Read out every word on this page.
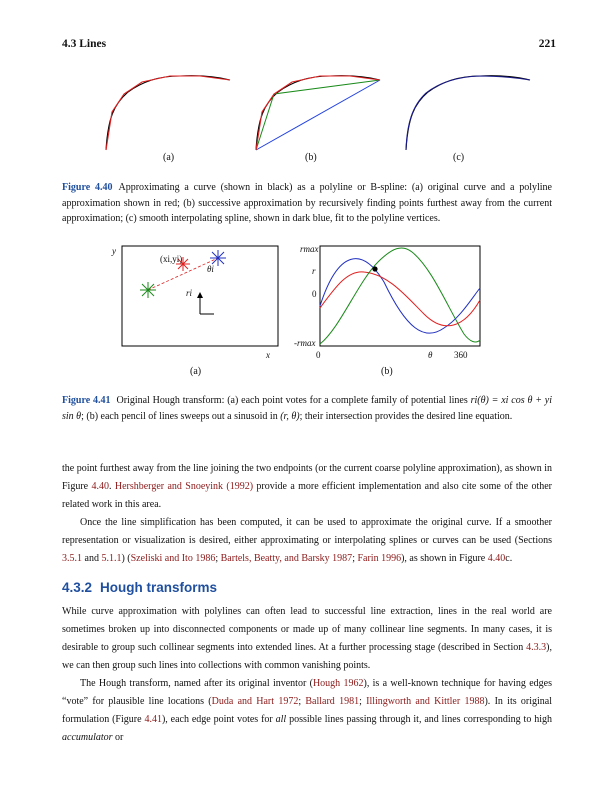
4.3 Lines	221
(a)	(b)	(c)
Figure 4.40 Approximating a curve (shown in black) as a polyline or B-spline: (a) original curve and a polyline approximation shown in red; (b) successive approximation by recursively finding points furthest away from the current approximation; (c) smooth interpolating spline, shown in dark blue, fit to the polyline vertices.
y
x
(xi,yi)
θi
ri
(a)
rmax
r
0
-rmax
0	θ 360
(b)
Figure 4.41 Original Hough transform: (a) each point votes for a complete family of potential lines ri(θ) = xi cos θ + yi sin θ; (b) each pencil of lines sweeps out a sinusoid in (r, θ); their intersection provides the desired line equation.

the point furthest away from the line joining the two endpoints (or the current coarse polyline approximation), as shown in Figure 4.40. Hershberger and Snoeyink (1992) provide a more efficient implementation and also cite some of the other related work in this area.

Once the line simplification has been computed, it can be used to approximate the original curve. If a smoother representation or visualization is desired, either approximating or interpolating splines or curves can be used (Sections 3.5.1 and 5.1.1) (Szeliski and Ito 1986; Bartels, Beatty, and Barsky 1987; Farin 1996), as shown in Figure 4.40c.

4.3.2 Hough transforms

While curve approximation with polylines can often lead to successful line extraction, lines in the real world are sometimes broken up into disconnected components or made up of many collinear line segments. In many cases, it is desirable to group such collinear segments into extended lines. At a further processing stage (described in Section 4.3.3), we can then group such lines into collections with common vanishing points.

The Hough transform, named after its original inventor (Hough 1962), is a well-known technique for having edges “vote” for plausible line locations (Duda and Hart 1972; Ballard 1981; Illingworth and Kittler 1988). In its original formulation (Figure 4.41), each edge point votes for all possible lines passing through it, and lines corresponding to high accumulator or
